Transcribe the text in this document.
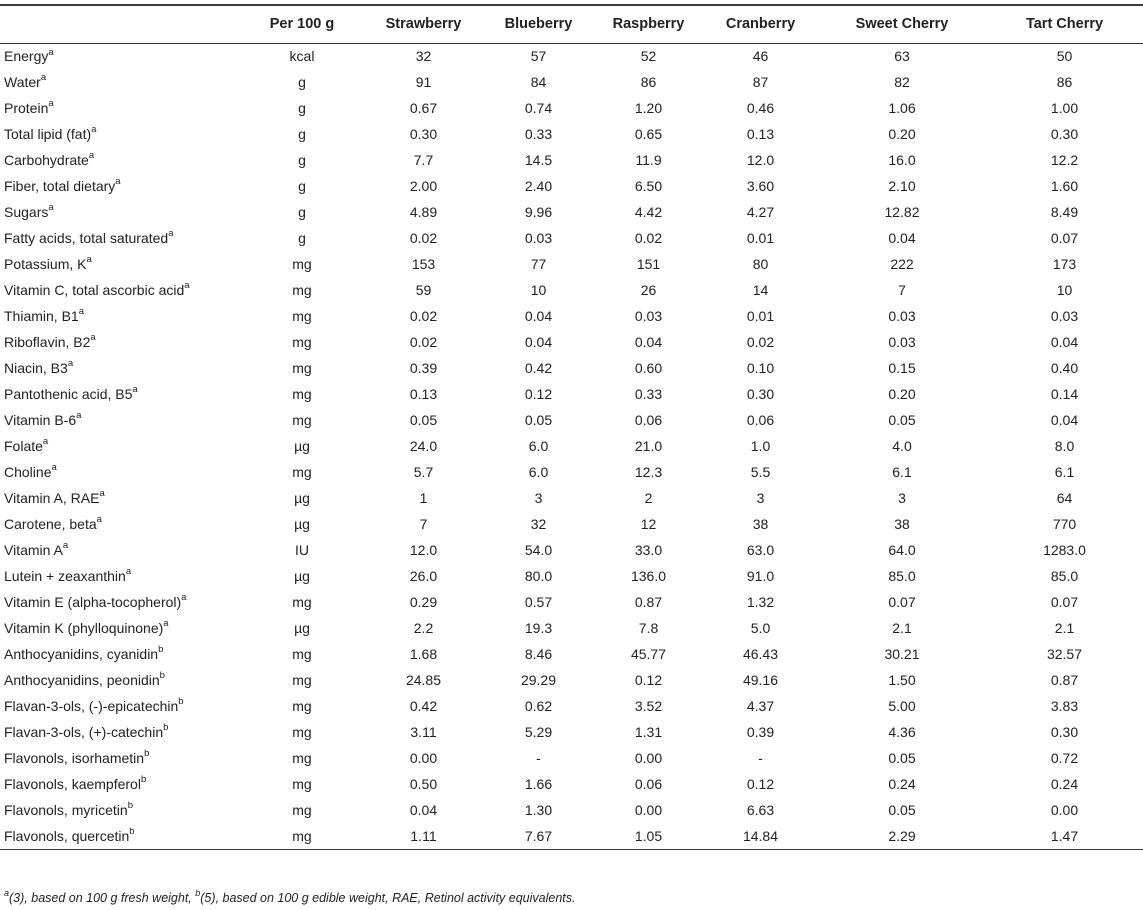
	Per 100 g	Strawberry	Blueberry	Raspberry	Cranberry	Sweet Cherry	Tart Cherry
Energy$^a$	kcal	32	57	52	46	63	50
Water$^a$	g	91	84	86	87	82	86
Protein$^a$	g	0.67	0.74	1.20	0.46	1.06	1.00
Total lipid (fat)$^a$	g	0.30	0.33	0.65	0.13	0.20	0.30
Carbohydrate$^a$	g	7.7	14.5	11.9	12.0	16.0	12.2
Fiber, total dietary$^a$	g	2.00	2.40	6.50	3.60	2.10	1.60
Sugars$^a$	g	4.89	9.96	4.42	4.27	12.82	8.49
Fatty acids, total saturated$^a$	g	0.02	0.03	0.02	0.01	0.04	0.07
Potassium, $K^a$	mg	153	77	151	80	222	173
Vitamin C, total ascorbic acid$^a$	mg	59	10	26	14	7	10
Thiamin, B1$^a$	mg	0.02	0.04	0.03	0.01	0.03	0.03
Riboflavin, B2$^a$	mg	0.02	0.04	0.04	0.02	0.03	0.04
Niacin, B3$^a$	mg	0.39	0.42	0.60	0.10	0.15	0.40
Pantothenic acid, B5$^a$	mg	0.13	0.12	0.33	0.30	0.20	0.14
Vitamin B-6$^a$	mg	0.05	0.05	0.06	0.06	0.05	0.04
Folate$^a$	µg	24.0	6.0	21.0	1.0	4.0	8.0
Choline$^a$	mg	5.7	6.0	12.3	5.5	6.1	6.1
Vitamin A, RAE$^a$	µg	1	3	2	3	3	64
Carotene, beta$^a$	µg	7	32	12	38	38	770
Vitamin $A^a$	IU	12.0	54.0	33.0	63.0	64.0	1283.0
Lutein + zeaxanthin$^a$	µg	26.0	80.0	136.0	91.0	85.0	85.0
Vitamin E (alpha-tocopherol)$^a$	mg	0.29	0.57	0.87	1.32	0.07	0.07
Vitamin K (phylloquinone)$^a$	µg	2.2	19.3	7.8	5.0	2.1	2.1
Anthocyanidins, cyanidin$^b$	mg	1.68	8.46	45.77	46.43	30.21	32.57
Anthocyanidins, peonidin$^b$	mg	24.85	29.29	0.12	49.16	1.50	0.87
Flavan-3-ols, (-)-epicatechin$^b$	mg	0.42	0.62	3.52	4.37	5.00	3.83
Flavan-3-ols, (+)-catechin$^b$	mg	3.11	5.29	1.31	0.39	4.36	0.30
Flavonols, isorhametin$^b$	mg	0.00	-	0.00	-	0.05	0.72
Flavonols, kaempferol$^b$	mg	0.50	1.66	0.06	0.12	0.24	0.24
Flavonols, myricetin$^b$	mg	0.04	1.30	0.00	6.63	0.05	0.00
Flavonols, quercetin$^b$	mg	1.11	7.67	1.05	14.84	2.29	1.47
$^a$(3), based on 100 g fresh weight, $^b$(5), based on 100 g edible weight, RAE, Retinol activity equivalents.
